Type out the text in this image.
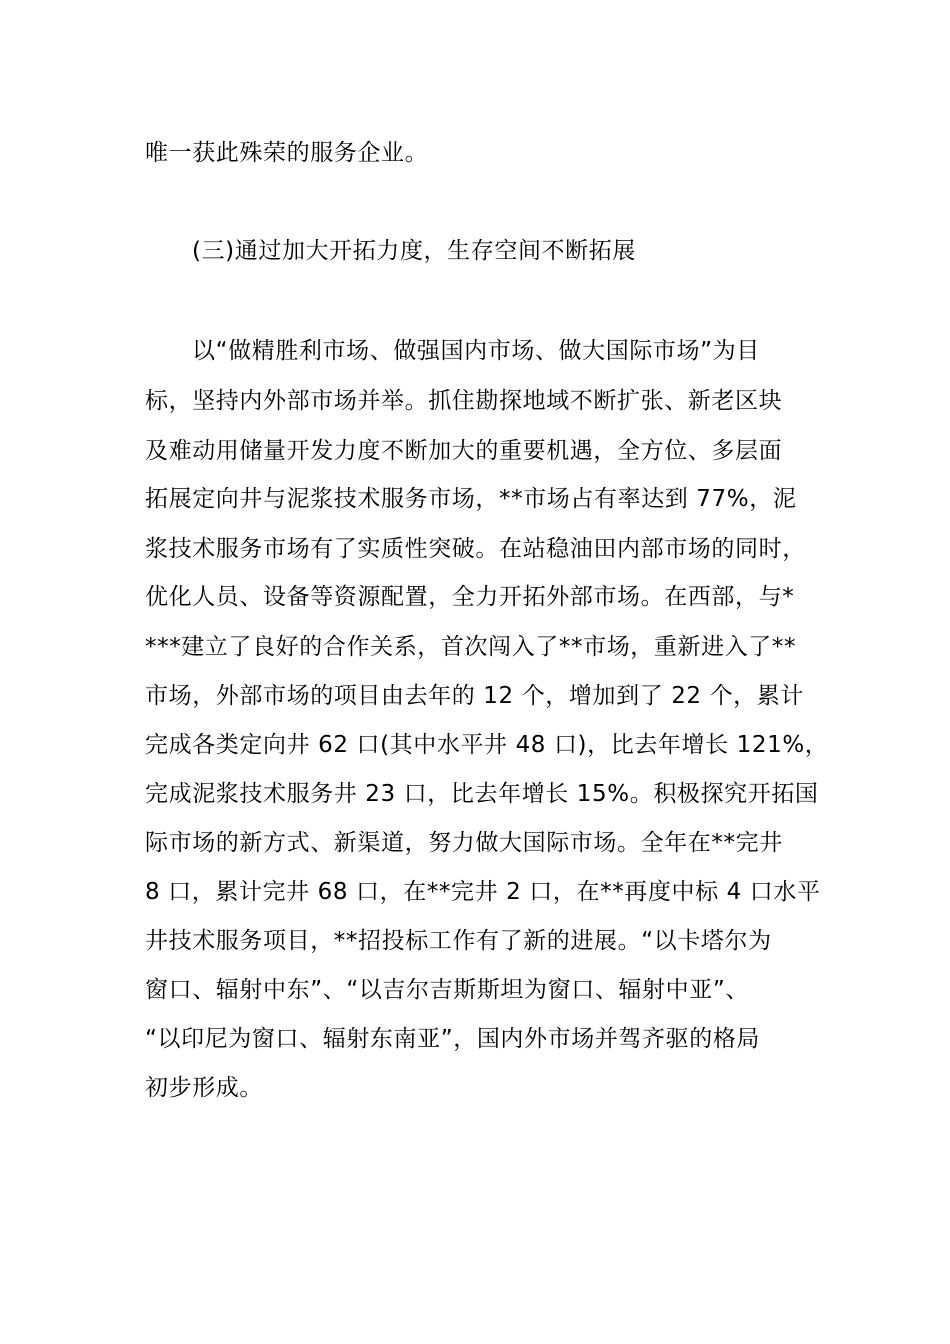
唯一获此殊荣的服务企业。
(三)通过加大开拓力度，生存空间不断拓展
以“做精胜利市场、做强国内市场、做大国际市场”为目
标，坚持内外部市场并举。抓住勘探地域不断扩张、新老区块
及难动用储量开发力度不断加大的重要机遇，全方位、多层面
拓展定向井与泥浆技术服务市场，**市场占有率达到 77%，泥
浆技术服务市场有了实质性突破。在站稳油田内部市场的同时，
优化人员、设备等资源配置，全力开拓外部市场。在西部，与*
***建立了良好的合作关系，首次闯入了**市场，重新进入了**
市场，外部市场的项目由去年的 12 个，增加到了 22 个，累计
完成各类定向井 62 口(其中水平井 48 口)，比去年增长 121%，
完成泥浆技术服务井 23 口，比去年增长 15%。积极探究开拓国
际市场的新方式、新渠道，努力做大国际市场。全年在**完井
8 口，累计完井 68 口，在**完井 2 口，在**再度中标 4 口水平
井技术服务项目，**招投标工作有了新的进展。“以卡塔尔为
窗口、辐射中东”、“以吉尔吉斯斯坦为窗口、辐射中亚”、
“以印尼为窗口、辐射东南亚”，国内外市场并驾齐驱的格局
初步形成。
